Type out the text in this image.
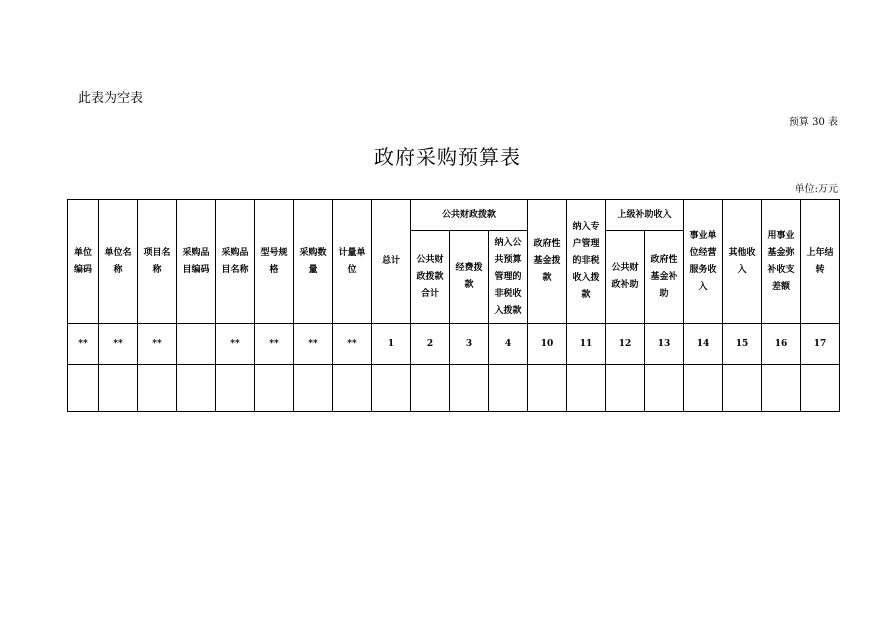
此表为空表
预算 30 表
政府采购预算表
单位:万元
单位编码	单位名称	项目名称	采购品目编码	采购品目名称	型号规格	采购数量	计量单位	总计	公共财政拨款			政府性基金拨款	纳入专户管理的非税收入拨款	上级补助收入		事业单位经营服务收入	其他收入	用事业基金弥补收支差额	上年结转
									公共财政拨款合计	经费拨款	纳入公共预算管理的非税收入拨款			公共财政补助	政府性基金补助				
**	**	**		**	**	**	**	1	2	3	4	10	11	12	13	14	15	16	17
